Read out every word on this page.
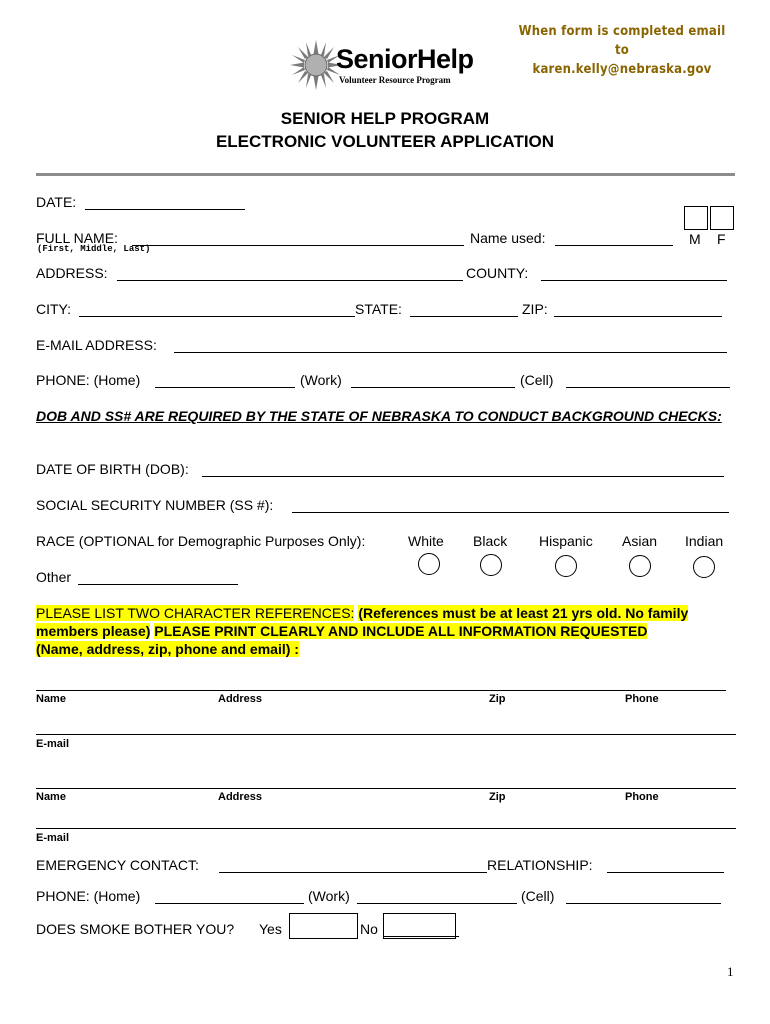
When form is completed email to
karen.kelly@nebraska.gov
SeniorHelp
Volunteer Resource Program
SENIOR HELP PROGRAM
ELECTRONIC VOLUNTEER APPLICATION
DATE:
M F
FULL NAME:
(First, Middle, Last)
Name used:
ADDRESS:	COUNTY:
CITY:	STATE:	ZIP:
E-MAIL ADDRESS:
PHONE: (Home)	(Work)	(Cell)
DOB AND SS# ARE REQUIRED BY THE STATE OF NEBRASKA TO CONDUCT BACKGROUND CHECKS:
DATE OF BIRTH (DOB):
SOCIAL SECURITY NUMBER (SS #):
RACE (OPTIONAL for Demographic Purposes Only):	White Black Hispanic Asian Indian
Other
PLEASE LIST TWO CHARACTER REFERENCES: (References must be at least 21 yrs old. No family members please) PLEASE PRINT CLEARLY AND INCLUDE ALL INFORMATION REQUESTED (Name, address, zip, phone and email) :
Name	Address	Zip	Phone
E-mail
Name	Address	Zip	Phone
E-mail
EMERGENCY CONTACT:	RELATIONSHIP:
PHONE: (Home)	(Work)	(Cell)
DOES SMOKE BOTHER YOU? Yes	No
1
